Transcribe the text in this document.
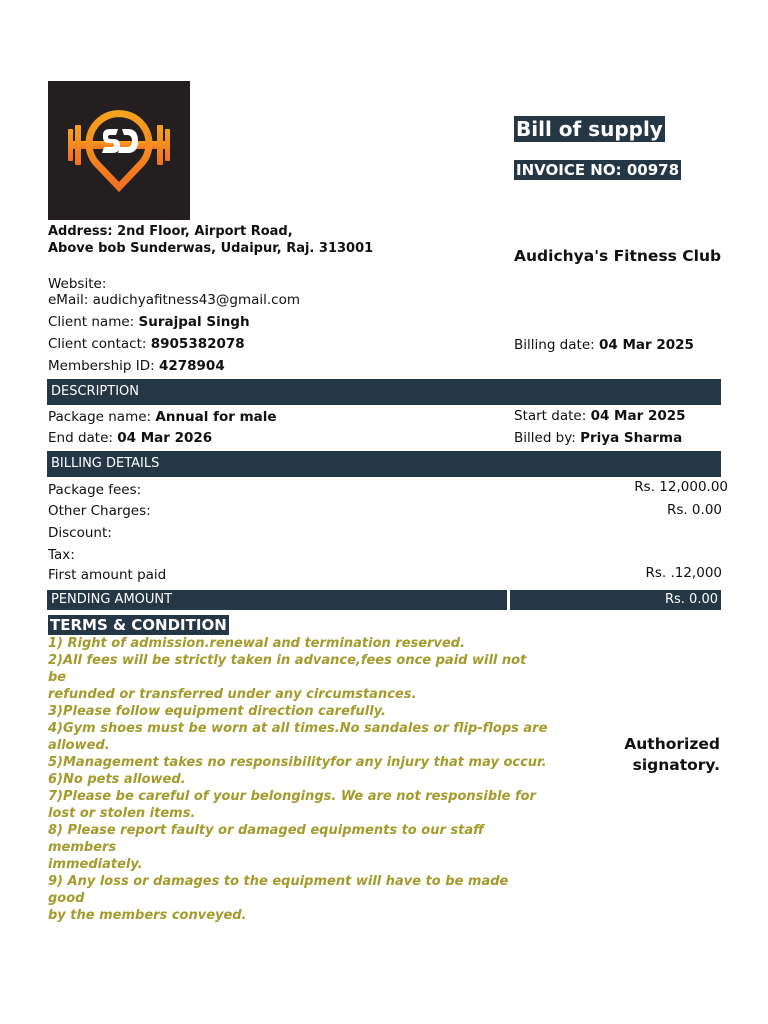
Bill of supply
INVOICE NO: 00978
Address: 2nd Floor, Airport Road,
Above bob Sunderwas, Udaipur, Raj. 313001	Audichya's Fitness Club
Website:
eMail: audichyafitness43@gmail.com
Client name: Surajpal Singh
Client contact: 8905382078
Membership ID: 4278904
Billing date: 04 Mar 2025
DESCRIPTION
Package name: Annual for male
End date: 04 Mar 2026
Start date: 04 Mar 2025
Billed by: Priya Sharma
BILLING DETAILS
Package fees:	Rs. 12,000.00
Other Charges:	Rs. 0.00
Discount:
Tax:
First amount paid	Rs. .12,000
PENDING AMOUNT	Rs. 0.00
TERMS & CONDITION
1) Right of admission.renewal and termination reserved.
2)All fees will be strictly taken in advance,fees once paid will not be
refunded or transferred under any circumstances.
3)Please follow equipment direction carefully.
4)Gym shoes must be worn at all times.No sandales or flip-flops are
allowed.
5)Management takes no responsibilityfor any injury that may occur.
6)No pets allowed.
7)Please be careful of your belongings. We are not responsible for
lost or stolen items.
8) Please report faulty or damaged equipments to our staff members
immediately.
9) Any loss or damages to the equipment will have to be made good
by the members conveyed.
Authorized
signatory.
